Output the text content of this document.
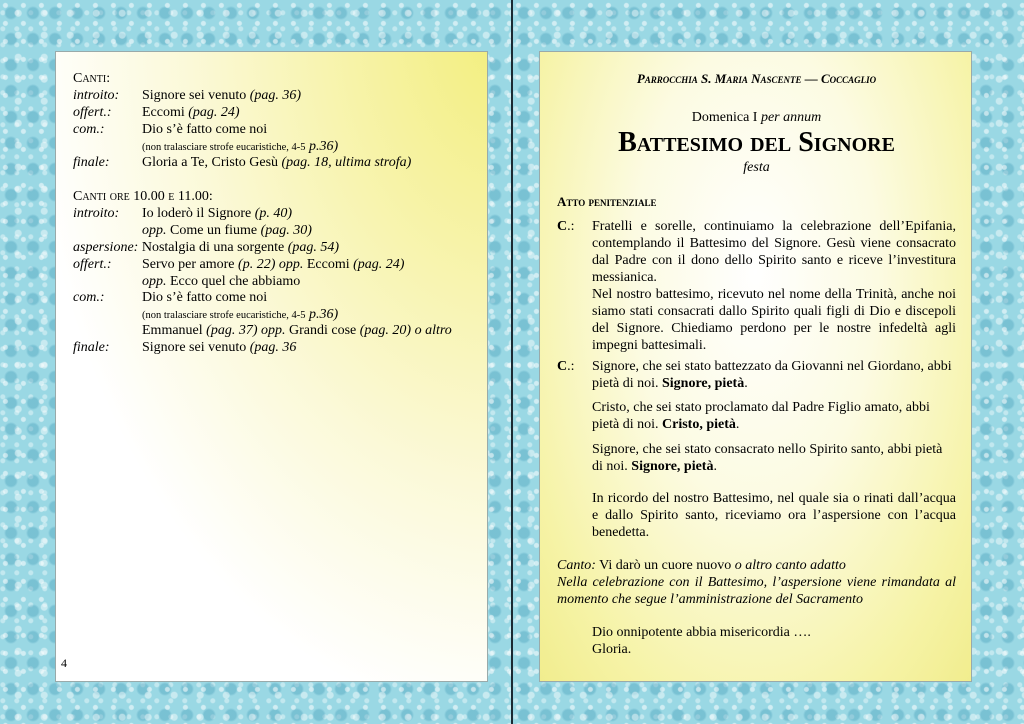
Canti:
introito: Signore sei venuto (pag. 36)
offert.: Eccomi (pag. 24)
com.:	Dio s’è fatto come noi
(non tralasciare strofe eucaristiche, 4-5 p.36)
finale: Gloria a Te, Cristo Gesù (pag. 18, ultima strofa)
Canti ore 10.00 e 11.00:
introito: Io loderò il Signore (p. 40)
opp. Come un fiume (pag. 30)
aspersione: Nostalgia di una sorgente (pag. 54)
offert.: Servo per amore (p. 22) opp. Eccomi (pag. 24)
opp. Ecco quel che abbiamo
com.:	Dio s’è fatto come noi
(non tralasciare strofe eucaristiche, 4-5 p.36)
Emmanuel (pag. 37) opp. Grandi cose (pag. 20) o altro
finale: Signore sei venuto (pag. 36
4
Parrocchia S. Maria Nascente — Coccaglio
Domenica I per annum
Battesimo del Signore
festa
Atto penitenziale
C.: Fratelli e sorelle, continuiamo la celebrazione dell’Epifania, contemplando il Battesimo del Signore. Gesù viene consacrato dal Padre con il dono dello Spirito santo e riceve l’investitura messianica.
Nel nostro battesimo, ricevuto nel nome della Trinità, anche noi siamo stati consacrati dallo Spirito quali figli di Dio e discepoli del Signore. Chiediamo perdono per le nostre infedeltà agli impegni battesimali.
C.: Signore, che sei stato battezzato da Giovanni nel Giordano, abbi pietà di noi. Signore, pietà.
Cristo, che sei stato proclamato dal Padre Figlio amato, abbi pietà di noi. Cristo, pietà.
Signore, che sei stato consacrato nello Spirito santo, abbi pietà di noi. Signore, pietà.
In ricordo del nostro Battesimo, nel quale sia o rinati dall’acqua e dallo Spirito santo, riceviamo ora l’aspersione con l’acqua benedetta.
Canto: Vi darò un cuore nuovo o altro canto adatto
Nella celebrazione con il Battesimo, l’aspersione viene rimandata al momento che segue l’amministrazione del Sacramento
Dio onnipotente abbia misericordia ….
Gloria.
